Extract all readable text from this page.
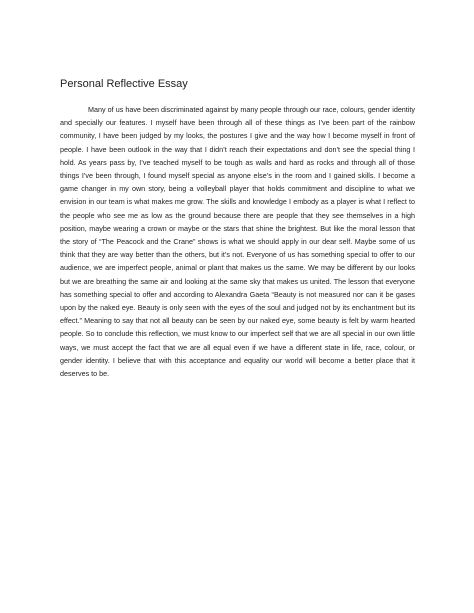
Personal Reflective Essay

Many of us have been discriminated against by many people through our race, colours, gender identity and specially our features. I myself have been through all of these things as I’ve been part of the rainbow community, I have been judged by my looks, the postures I give and the way how I become myself in front of people. I have been outlook in the way that I didn’t reach their expectations and don’t see the special thing I hold. As years pass by, I’ve teached myself to be tough as walls and hard as rocks and through all of those things I’ve been through, I found myself special as anyone else’s in the room and I gained skills. I become a game changer in my own story, being a volleyball player that holds commitment and discipline to what we envision in our team is what makes me grow. The skills and knowledge I embody as a player is what I reflect to the people who see me as low as the ground because there are people that they see themselves in a high position, maybe wearing a crown or maybe or the stars that shine the brightest. But like the moral lesson that the story of “The Peacock and the Crane” shows is what we should apply in our dear self. Maybe some of us think that they are way better than the others, but it’s not. Everyone of us has something special to offer to our audience, we are imperfect people, animal or plant that makes us the same. We may be different by our looks but we are breathing the same air and looking at the same sky that makes us united. The lesson that everyone has something special to offer and according to Alexandra Gaeta “Beauty is not measured nor can it be gases upon by the naked eye. Beauty is only seen with the eyes of the soul and judged not by its enchantment but its effect.” Meaning to say that not all beauty can be seen by our naked eye, some beauty is felt by warm hearted people. So to conclude this reflection, we must know to our imperfect self that we are all special in our own little ways, we must accept the fact that we are all equal even if we have a different state in life, race, colour, or gender identity. I believe that with this acceptance and equality our world will become a better place that it deserves to be.
